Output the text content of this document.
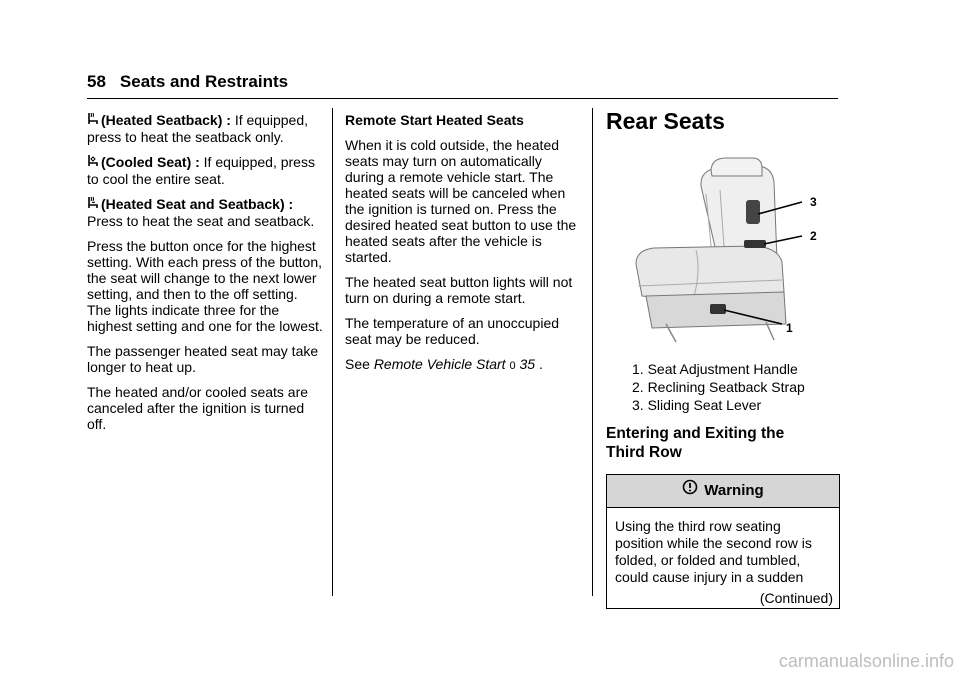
58 Seats and Restraints

(Heated Seatback) : If equipped, press to heat the seatback only.

(Cooled Seat) : If equipped, press to cool the entire seat.

(Heated Seat and Seatback) : Press to heat the seat and seatback.

Press the button once for the highest setting. With each press of the button, the seat will change to the next lower setting, and then to the off setting. The lights indicate three for the highest setting and one for the lowest.

The passenger heated seat may take longer to heat up.

The heated and/or cooled seats are canceled after the ignition is turned off.

Remote Start Heated Seats

When it is cold outside, the heated seats may turn on automatically during a remote vehicle start. The heated seats will be canceled when the ignition is turned on. Press the desired heated seat button to use the heated seats after the vehicle is started.

The heated seat button lights will not turn on during a remote start.

The temperature of an unoccupied seat may be reduced.

See Remote Vehicle Start 0 35 .

Rear Seats
3
2
1
1. Seat Adjustment Handle
2. Reclining Seatback Strap
3. Sliding Seat Lever
Entering and Exiting the
Third Row
Warning
Using the third row seating position while the second row is folded, or folded and tumbled, could cause injury in a sudden
(Continued)
carmanualsonline.info
